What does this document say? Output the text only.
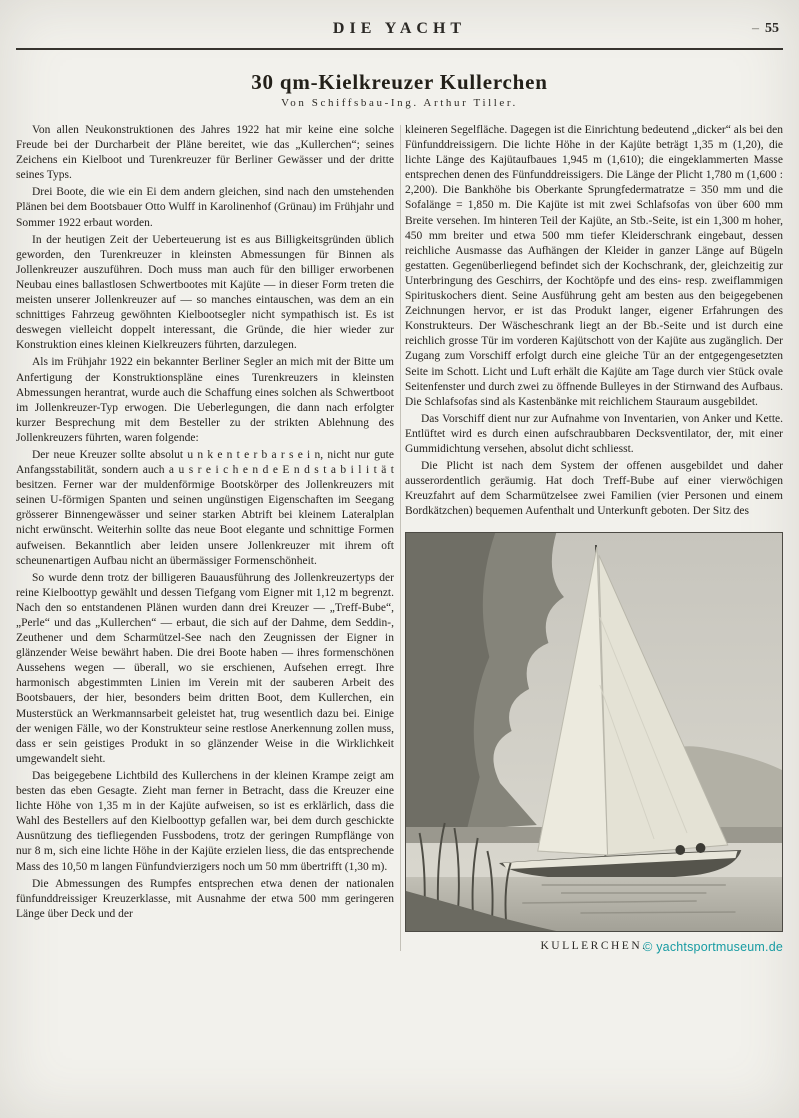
DIE YACHT	– 55
30 qm-Kielkreuzer Kullerchen
Von Schiffsbau-Ing. Arthur Tiller.

Von allen Neukonstruktionen des Jahres 1922 hat mir keine eine solche Freude bei der Durcharbeit der Pläne bereitet, wie das „Kullerchen“; seines Zeichens ein Kielboot und Turenkreuzer für Berliner Gewässer und der dritte seines Typs.

Drei Boote, die wie ein Ei dem andern gleichen, sind nach den umstehenden Plänen bei dem Bootsbauer Otto Wulff in Karolinenhof (Grünau) im Frühjahr und Sommer 1922 erbaut worden.

In der heutigen Zeit der Ueberteuerung ist es aus Billigkeitsgründen üblich geworden, den Turenkreuzer in kleinsten Abmessungen für Binnen als Jollenkreuzer auszuführen. Doch muss man auch für den billiger erworbenen Neubau eines ballastlosen Schwertbootes mit Kajüte — in dieser Form treten die meisten unserer Jollenkreuzer auf — so manches eintauschen, was dem an ein schnittiges Fahrzeug gewöhnten Kielbootsegler nicht sympathisch ist. Es ist deswegen vielleicht doppelt interessant, die Gründe, die hier wieder zur Konstruktion eines kleinen Kielkreuzers führten, darzulegen.

Als im Frühjahr 1922 ein bekannter Berliner Segler an mich mit der Bitte um Anfertigung der Konstruktionspläne eines Turenkreuzers in kleinsten Abmessungen herantrat, wurde auch die Schaffung eines solchen als Schwertboot im Jollenkreuzer-Typ erwogen. Die Ueberlegungen, die dann nach erfolgter kurzer Besprechung mit dem Besteller zu der strikten Ablehnung des Jollenkreuzers führten, waren folgende:

Der neue Kreuzer sollte absolut u n k e n t e r b a r s e i n, nicht nur gute Anfangsstabilität, sondern auch a u s r e i c h e n d e E n d s t a b i l i t ä t besitzen. Ferner war der muldenförmige Bootskörper des Jollenkreuzers mit seinen U-förmigen Spanten und seinen ungünstigen Eigenschaften im Seegang grösserer Binnengewässer und seiner starken Abtrift bei kleinem Lateralplan nicht erwünscht. Weiterhin sollte das neue Boot elegante und schnittige Formen aufweisen. Bekanntlich aber leiden unsere Jollenkreuzer mit ihrem oft scheunenartigen Aufbau nicht an übermässiger Formenschönheit.

So wurde denn trotz der billigeren Bauausführung des Jollenkreuzertyps der reine Kielboottyp gewählt und dessen Tiefgang vom Eigner mit 1,12 m begrenzt. Nach den so entstandenen Plänen wurden dann drei Kreuzer — „Treff-Bube“, „Perle“ und das „Kullerchen“ — erbaut, die sich auf der Dahme, dem Seddin-, Zeuthener und dem Scharmützel-See nach den Zeugnissen der Eigner in glänzender Weise bewährt haben. Die drei Boote haben — ihres formenschönen Aussehens wegen — überall, wo sie erschienen, Aufsehen erregt. Ihre harmonisch abgestimmten Linien im Verein mit der sauberen Arbeit des Bootsbauers, der hier, besonders beim dritten Boot, dem Kullerchen, ein Musterstück an Werkmannsarbeit geleistet hat, trug wesentlich dazu bei. Einige der wenigen Fälle, wo der Konstrukteur seine restlose Anerkennung zollen muss, dass er sein geistiges Produkt in so glänzender Weise in die Wirklichkeit umgewandelt sieht.

Das beigegebene Lichtbild des Kullerchens in der kleinen Krampe zeigt am besten das eben Gesagte. Zieht man ferner in Betracht, dass die Kreuzer eine lichte Höhe von 1,35 m in der Kajüte aufweisen, so ist es erklärlich, dass die Wahl des Bestellers auf den Kielboottyp gefallen war, bei dem durch geschickte Ausnützung des tiefliegenden Fussbodens, trotz der geringen Rumpflänge von nur 8 m, sich eine lichte Höhe in der Kajüte erzielen liess, die das entsprechende Mass des 10,50 m langen Fünfundvierzigers noch um 50 mm übertrifft (1,30 m).

Die Abmessungen des Rumpfes entsprechen etwa denen der nationalen fünfunddreissiger Kreuzerklasse, mit Ausnahme der etwa 500 mm geringeren Länge über Deck und der

kleineren Segelfläche. Dagegen ist die Einrichtung bedeutend „dicker“ als bei den Fünfunddreissigern. Die lichte Höhe in der Kajüte beträgt 1,35 m (1,20), die lichte Länge des Kajütaufbaues 1,945 m (1,610); die eingeklammerten Masse entsprechen denen des Fünfunddreissigers. Die Länge der Plicht 1,780 m (1,600 : 2,200). Die Bankhöhe bis Oberkante Sprungfedermatratze = 350 mm und die Sofalänge = 1,850 m. Die Kajüte ist mit zwei Schlafsofas von über 600 mm Breite versehen. Im hinteren Teil der Kajüte, an Stb.-Seite, ist ein 1,300 m hoher, 450 mm breiter und etwa 500 mm tiefer Kleiderschrank eingebaut, dessen reichliche Ausmasse das Aufhängen der Kleider in ganzer Länge auf Bügeln gestatten. Gegenüberliegend befindet sich der Kochschrank, der, gleichzeitig zur Unterbringung des Geschirrs, der Kochtöpfe und des eins- resp. zweiflammigen Spirituskochers dient. Seine Ausführung geht am besten aus den beigegebenen Zeichnungen hervor, er ist das Produkt langer, eigener Erfahrungen des Konstrukteurs. Der Wäscheschrank liegt an der Bb.-Seite und ist durch eine reichlich grosse Tür im vorderen Kajütschott von der Kajüte aus zugänglich. Der Zugang zum Vorschiff erfolgt durch eine gleiche Tür an der entgegengesetzten Seite im Schott. Licht und Luft erhält die Kajüte am Tage durch vier Stück ovale Seitenfenster und durch zwei zu öffnende Bulleyes in der Stirnwand des Aufbaus. Die Schlafsofas sind als Kastenbänke mit reichlichem Stauraum ausgebildet.

Das Vorschiff dient nur zur Aufnahme von Inventarien, von Anker und Kette. Entlüftet wird es durch einen aufschraubbaren Decksventilator, der, mit einer Gummidichtung versehen, absolut dicht schliesst.

Die Plicht ist nach dem System der offenen ausgebildet und daher ausserordentlich geräumig. Hat doch Treff-Bube auf einer vierwöchigen Kreuzfahrt auf dem Scharmützelsee zwei Familien (vier Personen und einem Bordkätzchen) bequemen Aufenthalt und Unterkunft geboten. Der Sitz des

KULLERCHEN.
© yachtsportmuseum.de
